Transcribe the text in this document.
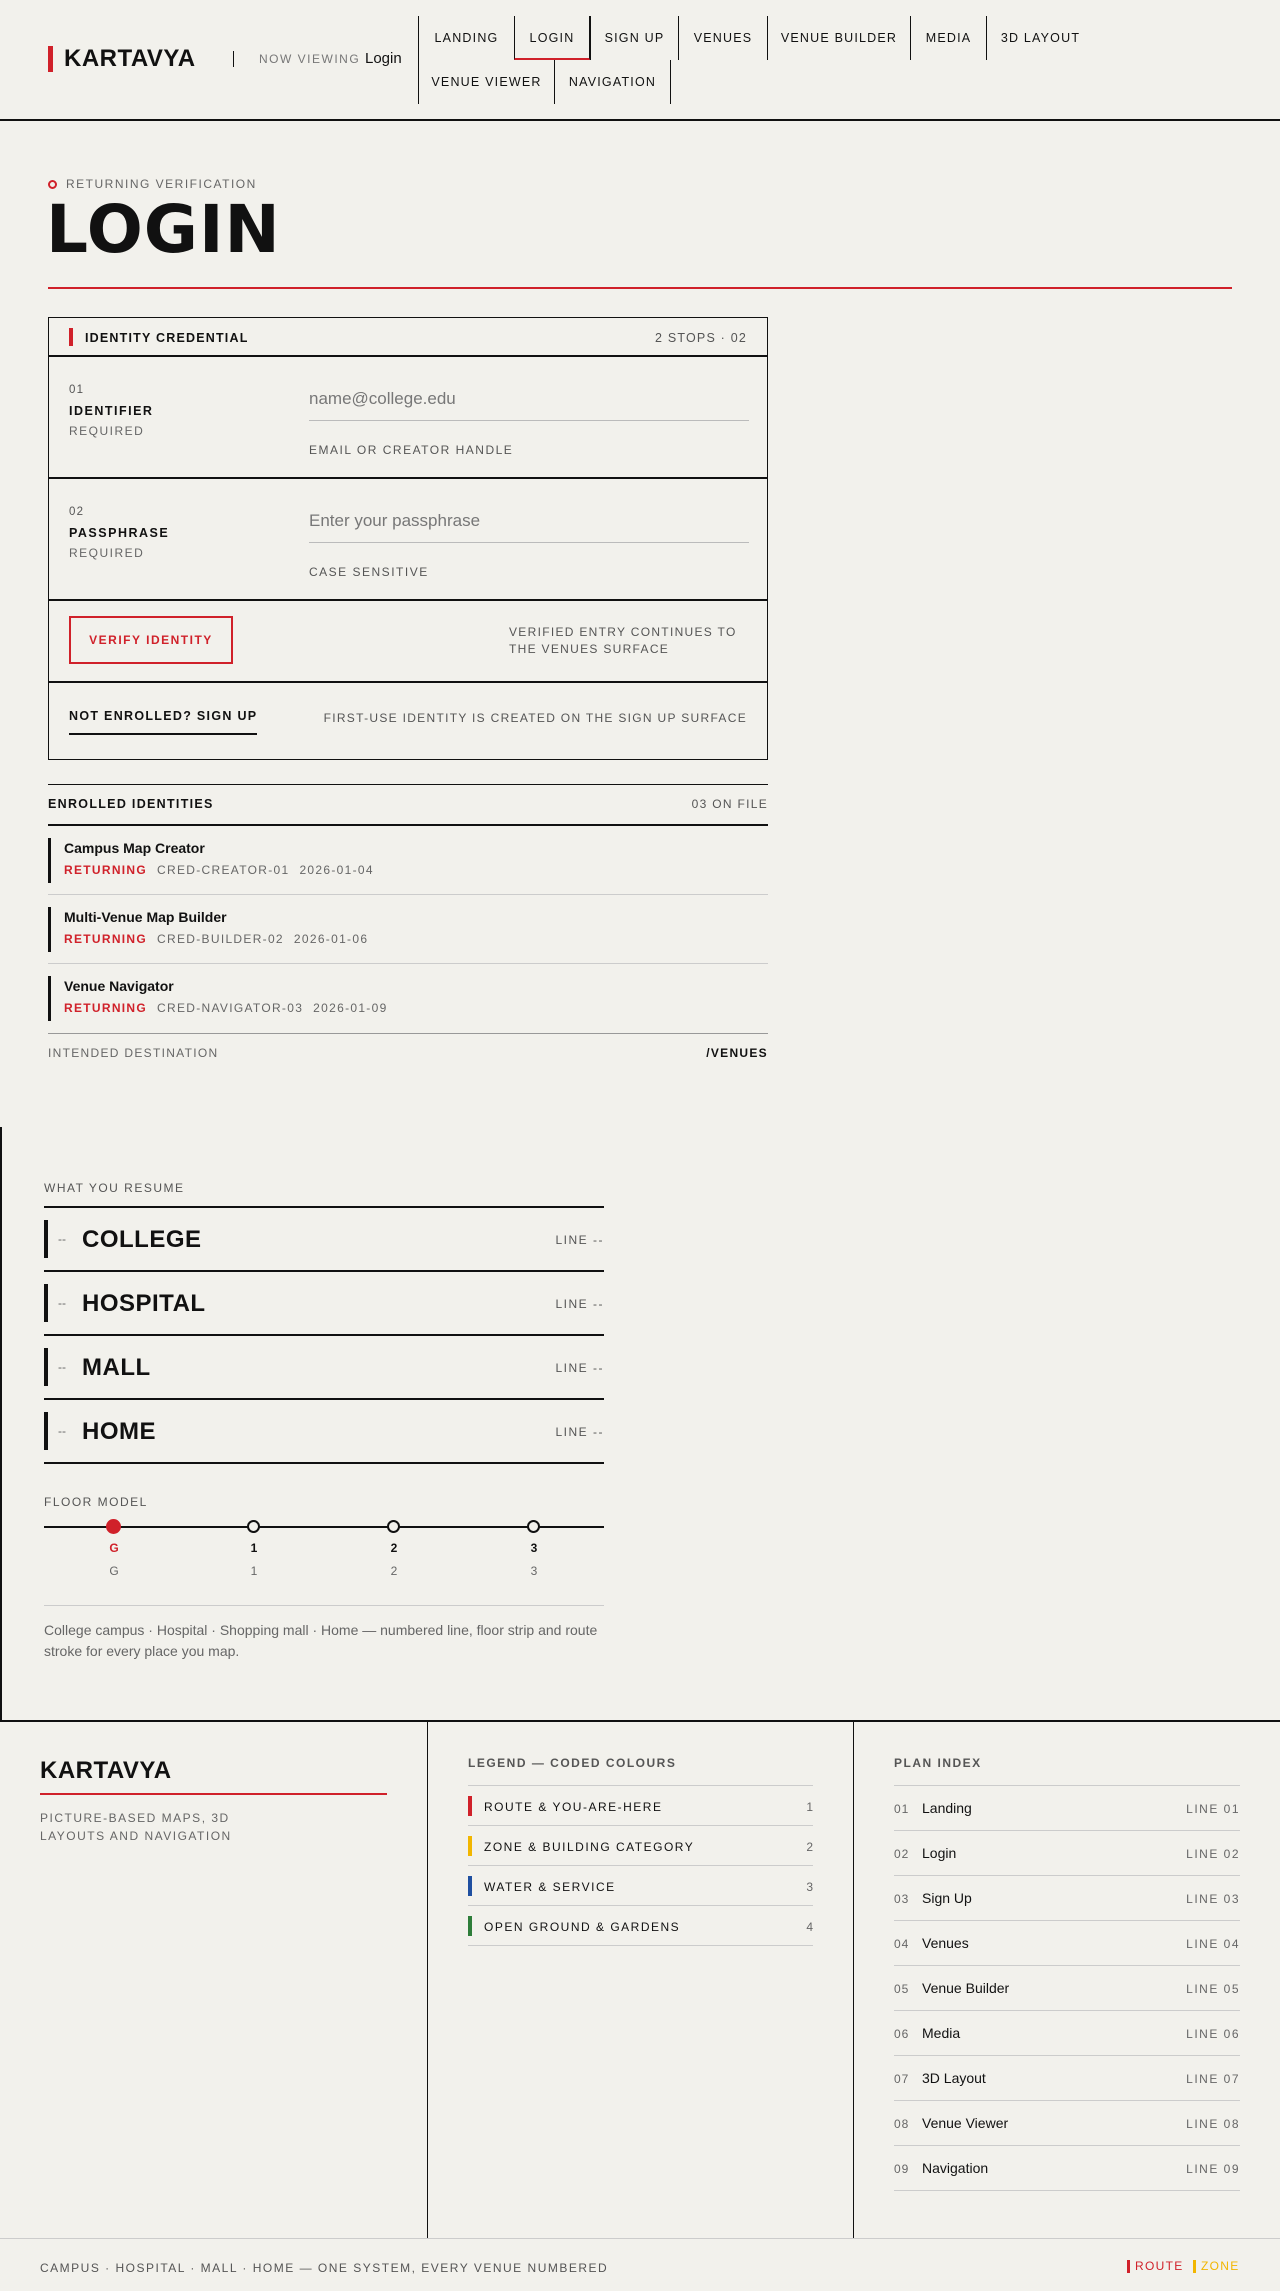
KARTAVYA	NOW VIEWING Login
LANDING	LOGIN	SIGN UP	VENUES	VENUE BUILDER	MEDIA	3D LAYOUT
VENUE VIEWER	NAVIGATION
RETURNING VERIFICATION
LOGIN
IDENTITY CREDENTIAL	2 STOPS · 02
01
IDENTIFIER
REQUIRED
name@college.edu
EMAIL OR CREATOR HANDLE
02
PASSPHRASE
REQUIRED
CASE SENSITIVE
VERIFY IDENTITY
VERIFIED ENTRY CONTINUES TO THE VENUES SURFACE
NOT ENROLLED? SIGN UP	FIRST-USE IDENTITY IS CREATED ON THE SIGN UP SURFACE
ENROLLED IDENTITIES	03 ON FILE
Campus Map Creator
RETURNING CRED-CREATOR-01 2026-01-04
Multi-Venue Map Builder
RETURNING CRED-BUILDER-02 2026-01-06
Venue Navigator
RETURNING CRED-NAVIGATOR-03 2026-01-09
INTENDED DESTINATION	/VENUES
WHAT YOU RESUME
-- COLLEGE	LINE --
-- HOSPITAL	LINE --
-- MALL	LINE --
-- HOME	LINE --
FLOOR MODEL
G	1	2	3
G	1	2	3
College campus · Hospital · Shopping mall · Home — numbered line, floor strip and route stroke for every place you map.
KARTAVYA
PICTURE-BASED MAPS, 3D LAYOUTS AND NAVIGATION
LEGEND — CODED COLOURS
ROUTE & YOU-ARE-HERE	1
ZONE & BUILDING CATEGORY	2
WATER & SERVICE	3
OPEN GROUND & GARDENS	4
PLAN INDEX
01 Landing	LINE 01
02 Login	LINE 02
03 Sign Up	LINE 03
04 Venues	LINE 04
05 Venue Builder	LINE 05
06 Media	LINE 06
07 3D Layout	LINE 07
08 Venue Viewer	LINE 08
09 Navigation	LINE 09
CAMPUS · HOSPITAL · MALL · HOME — ONE SYSTEM, EVERY VENUE NUMBERED	ROUTE ZONE
